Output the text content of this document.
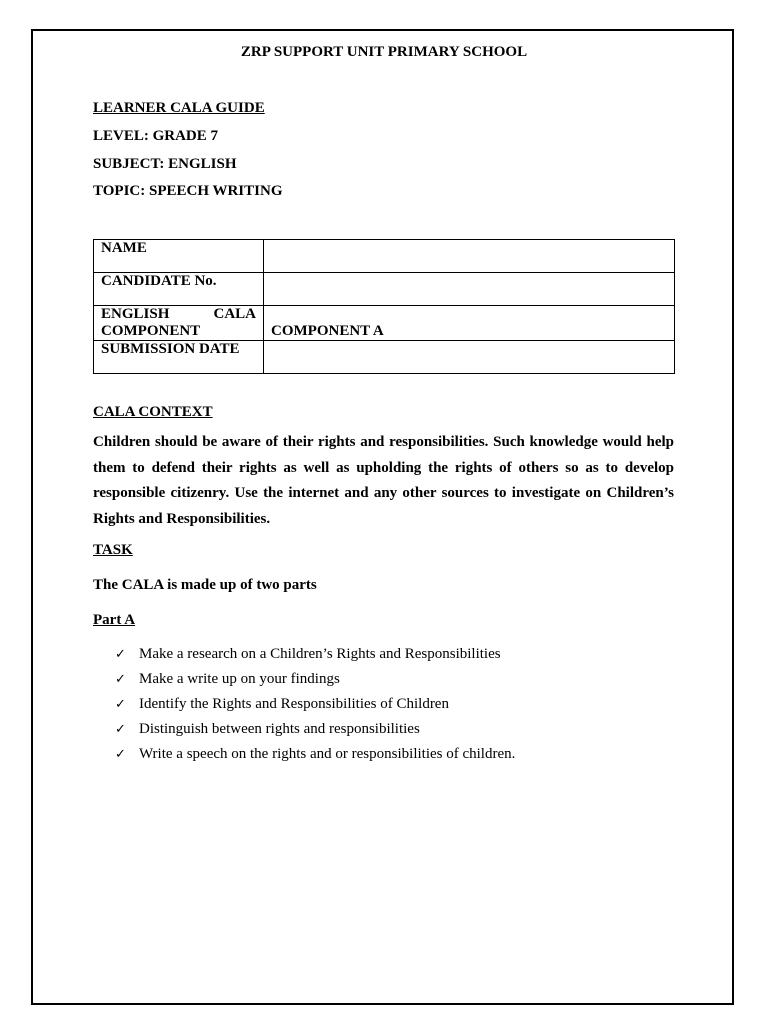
ZRP SUPPORT UNIT PRIMARY SCHOOL
LEARNER CALA GUIDE
LEVEL: GRADE 7
SUBJECT: ENGLISH
TOPIC: SPEECH WRITING
NAME	
CANDIDATE No.	

ENGLISH CALA
COMPONENT	COMPONENT A

SUBMISSION DATE	
CALA CONTEXT

Children should be aware of their rights and responsibilities. Such knowledge would help them to defend their rights as well as upholding the rights of others so as to develop responsible citizenry. Use the internet and any other sources to investigate on Children’s Rights and Responsibilities.

TASK
The CALA is made up of two parts
Part A
✓ Make a research on a Children’s Rights and Responsibilities
✓ Make a write up on your findings
✓ Identify the Rights and Responsibilities of Children
✓ Distinguish between rights and responsibilities
✓ Write a speech on the rights and or responsibilities of children.
